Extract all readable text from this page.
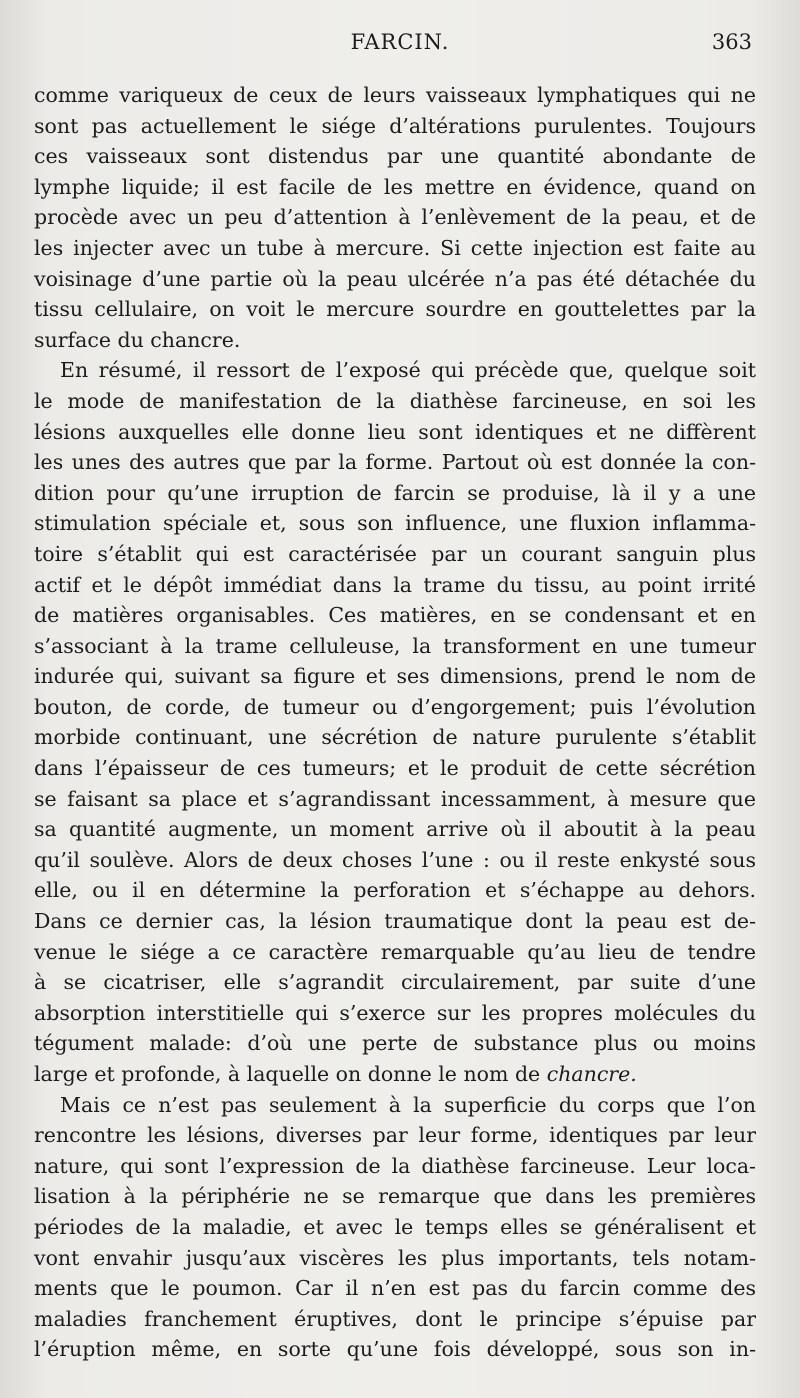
FARCIN.	363
comme variqueux de ceux de leurs vaisseaux lymphatiques qui ne
sont pas actuellement le siége d’altérations purulentes. Toujours
ces vaisseaux sont distendus par une quantité abondante de
lymphe liquide; il est facile de les mettre en évidence, quand on
procède avec un peu d’attention à l’enlèvement de la peau, et de
les injecter avec un tube à mercure. Si cette injection est faite au
voisinage d’une partie où la peau ulcérée n’a pas été détachée du
tissu cellulaire, on voit le mercure sourdre en gouttelettes par la
surface du chancre.
En résumé, il ressort de l’exposé qui précède que, quelque soit
le mode de manifestation de la diathèse farcineuse, en soi les
lésions auxquelles elle donne lieu sont identiques et ne diffèrent
les unes des autres que par la forme. Partout où est donnée la con-
dition pour qu’une irruption de farcin se produise, là il y a une
stimulation spéciale et, sous son influence, une fluxion inflamma-
toire s’établit qui est caractérisée par un courant sanguin plus
actif et le dépôt immédiat dans la trame du tissu, au point irrité
de matières organisables. Ces matières, en se condensant et en
s’associant à la trame celluleuse, la transforment en une tumeur
indurée qui, suivant sa figure et ses dimensions, prend le nom de
bouton, de corde, de tumeur ou d’engorgement; puis l’évolution
morbide continuant, une sécrétion de nature purulente s’établit
dans l’épaisseur de ces tumeurs; et le produit de cette sécrétion
se faisant sa place et s’agrandissant incessamment, à mesure que
sa quantité augmente, un moment arrive où il aboutit à la peau
qu’il soulève. Alors de deux choses l’une : ou il reste enkysté sous
elle, ou il en détermine la perforation et s’échappe au dehors.
Dans ce dernier cas, la lésion traumatique dont la peau est de-
venue le siége a ce caractère remarquable qu’au lieu de tendre
à se cicatriser, elle s’agrandit circulairement, par suite d’une
absorption interstitielle qui s’exerce sur les propres molécules du
tégument malade: d’où une perte de substance plus ou moins
large et profonde, à laquelle on donne le nom de chancre.
Mais ce n’est pas seulement à la superficie du corps que l’on
rencontre les lésions, diverses par leur forme, identiques par leur
nature, qui sont l’expression de la diathèse farcineuse. Leur loca-
lisation à la périphérie ne se remarque que dans les premières
périodes de la maladie, et avec le temps elles se généralisent et
vont envahir jusqu’aux viscères les plus importants, tels notam-
ments que le poumon. Car il n’en est pas du farcin comme des
maladies franchement éruptives, dont le principe s’épuise par
l’éruption même, en sorte qu’une fois développé, sous son in-
